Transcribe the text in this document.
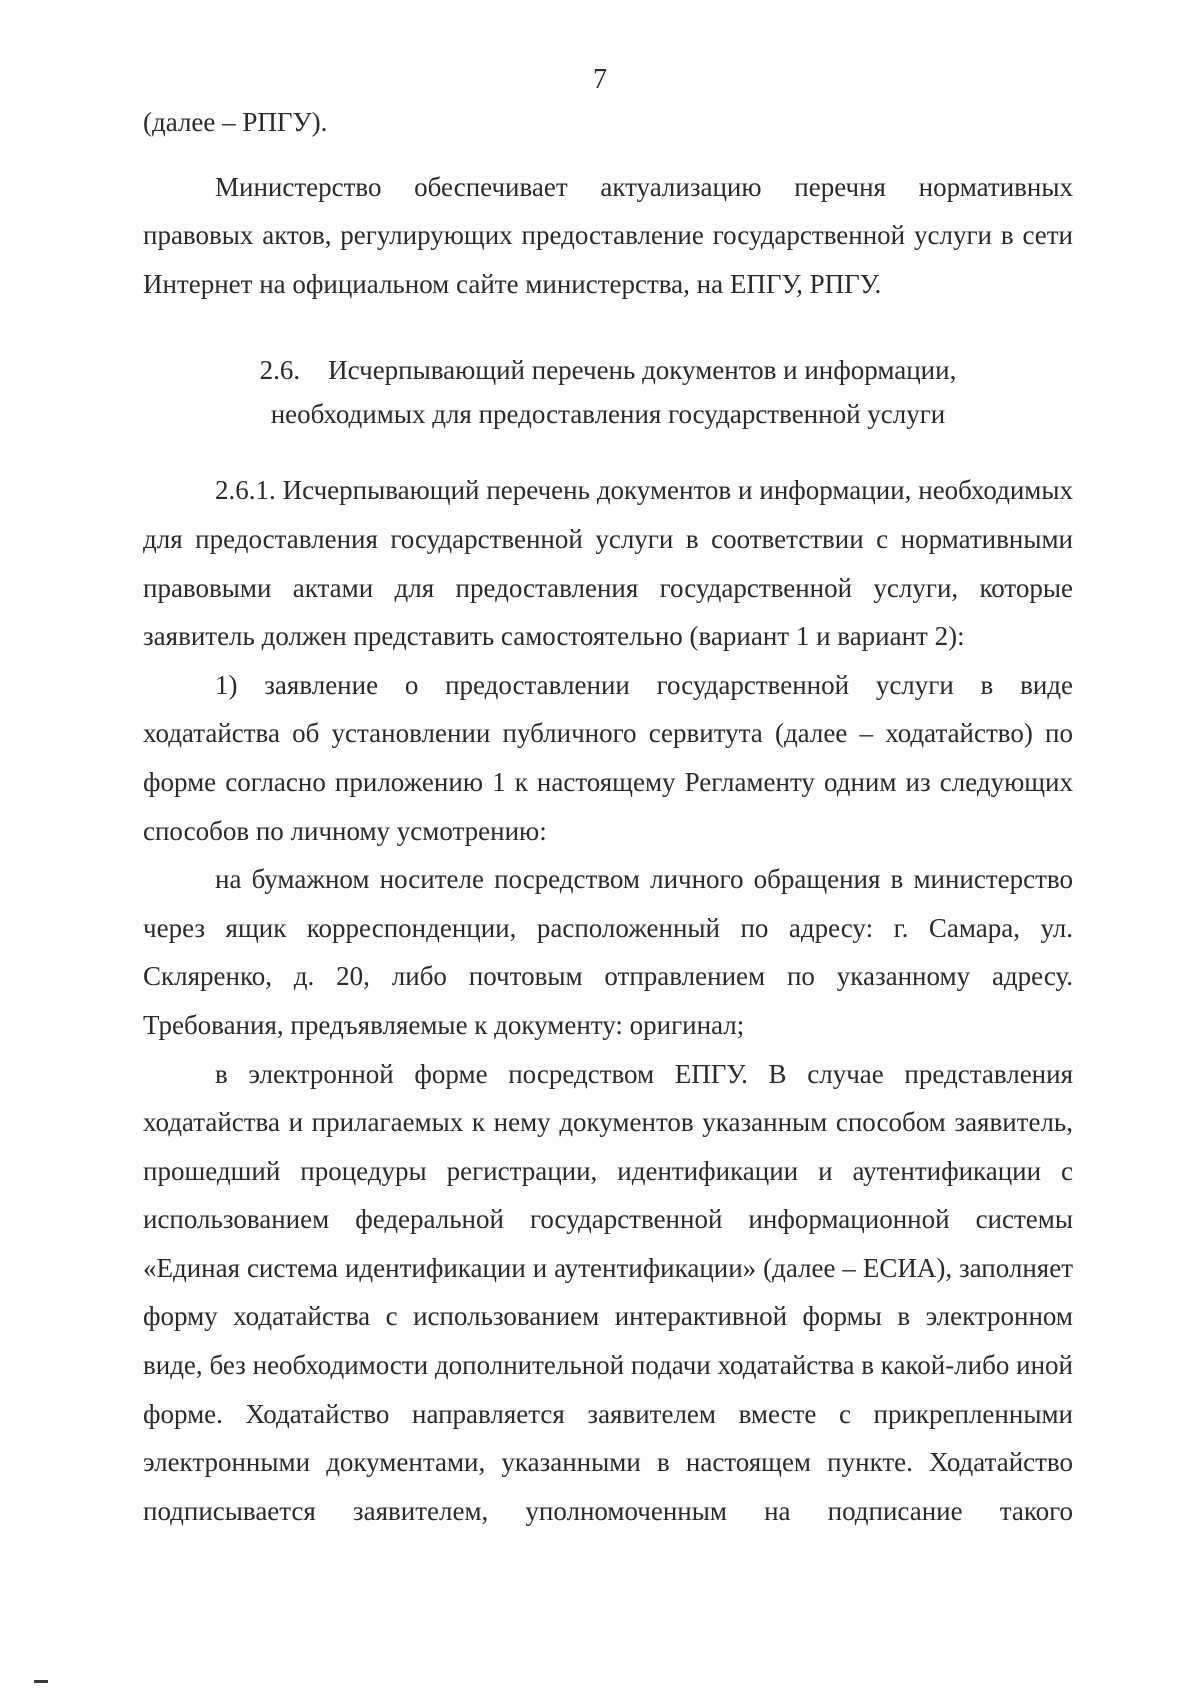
7

(далее – РПГУ).

Министерство обеспечивает актуализацию перечня нормативных правовых актов, регулирующих предоставление государственной услуги в сети Интернет на официальном сайте министерства, на ЕПГУ, РПГУ.

2.6. Исчерпывающий перечень документов и информации,
необходимых для предоставления государственной услуги

2.6.1. Исчерпывающий перечень документов и информации, необходимых для предоставления государственной услуги в соответствии с нормативными правовыми актами для предоставления государственной услуги, которые заявитель должен представить самостоятельно (вариант 1 и вариант 2):

1) заявление о предоставлении государственной услуги в виде ходатайства об установлении публичного сервитута (далее – ходатайство) по форме согласно приложению 1 к настоящему Регламенту одним из следующих способов по личному усмотрению:

на бумажном носителе посредством личного обращения в министерство через ящик корреспонденции, расположенный по адресу: г. Самара, ул. Скляренко, д. 20, либо почтовым отправлением по указанному адресу. Требования, предъявляемые к документу: оригинал;

в электронной форме посредством ЕПГУ. В случае представления ходатайства и прилагаемых к нему документов указанным способом заявитель, прошедший процедуры регистрации, идентификации и аутентификации с использованием федеральной государственной информационной системы «Единая система идентификации и аутентификации» (далее – ЕСИА), заполняет форму ходатайства с использованием интерактивной формы в электронном виде, без необходимости дополнительной подачи ходатайства в какой-либо иной форме. Ходатайство направляется заявителем вместе с прикрепленными электронными документами, указанными в настоящем пункте. Ходатайство подписывается заявителем, уполномоченным на подписание такого
